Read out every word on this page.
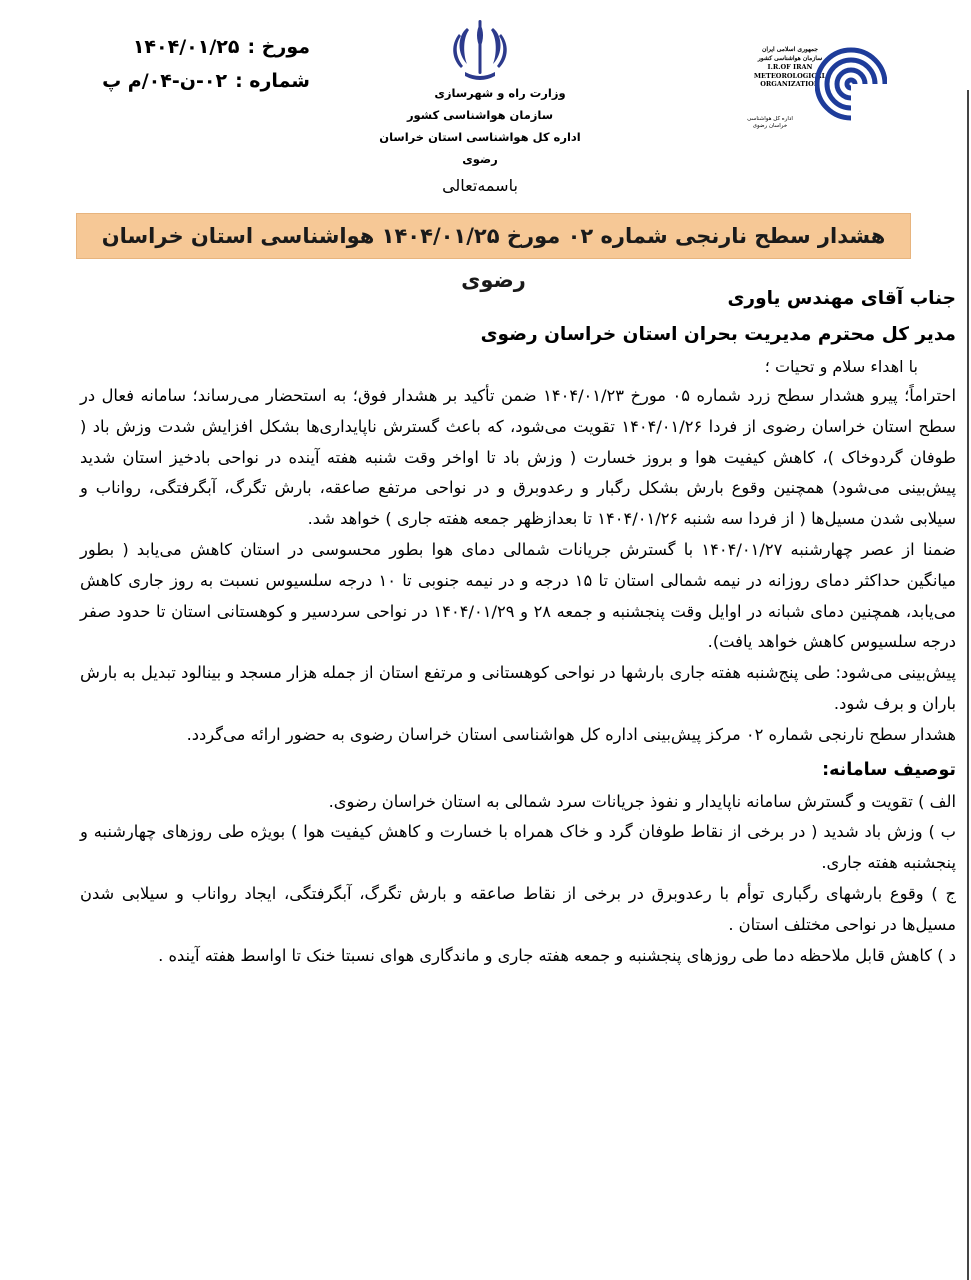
مورخ :۱۴۰۴/۰۱/۲۵
شماره :۰۲-ن-۰۴/م پ
وزارت راه و شهرسازی
سازمان هواشناسی کشور
اداره کل هواشناسی استان خراسان رضوی
جمهوری اسلامی ایران
سازمان هواشناسی کشور
I.R.OF IRAN
METEOROLOGICAL
ORGANIZATION
اداره کل هواشناسی خراسان رضوی
باسمه‌تعالی
هشدار سطح نارنجی شماره ۰۲ مورخ ۱۴۰۴/۰۱/۲۵ هواشناسی استان خراسان رضوی
جناب آقای مهندس یاوری
مدیر کل محترم مدیریت بحران استان خراسان رضوی
با اهداء سلام و تحیات ؛

احتراماً؛ پیرو هشدار سطح زرد شماره ۰۵ مورخ ۱۴۰۴/۰۱/۲۳ ضمن تأکید بر هشدار فوق؛ به استحضار می‌رساند؛ سامانه فعال در سطح استان خراسان رضوی از فردا ۱۴۰۴/۰۱/۲۶ تقویت می‌شود، که باعث گسترش ناپایداری‌ها بشکل افزایش شدت وزش باد ( طوفان گردوخاک )، کاهش کیفیت هوا و بروز خسارت ( وزش باد تا اواخر وقت شنبه هفته آینده در نواحی بادخیز استان شدید پیش‌بینی می‌شود) همچنین وقوع بارش بشکل رگبار و رعدوبرق و در نواحی مرتفع صاعقه، بارش تگرگ، آبگرفتگی، رواناب و سیلابی شدن مسیل‌ها ( از فردا سه شنبه ۱۴۰۴/۰۱/۲۶ تا بعدازظهر جمعه هفته جاری ) خواهد شد.

ضمنا از عصر چهارشنبه ۱۴۰۴/۰۱/۲۷ با گسترش جریانات شمالی دمای هوا بطور محسوسی در استان کاهش می‌یابد ( بطور میانگین حداکثر دمای روزانه در نیمه شمالی استان تا ۱۵ درجه و در نیمه جنوبی تا ۱۰ درجه سلسیوس نسبت به روز جاری کاهش می‌یابد، همچنین دمای شبانه در اوایل وقت پنجشنبه و جمعه ۲۸ و ۱۴۰۴/۰۱/۲۹ در نواحی سردسیر و کوهستانی استان تا حدود صفر درجه سلسیوس کاهش خواهد یافت).

پیش‌بینی می‌شود: طی پنج‌شنبه هفته جاری بارشها در نواحی کوهستانی و مرتفع استان از جمله هزار مسجد و بینالود تبدیل به بارش باران و برف شود.

هشدار سطح نارنجی شماره ۰۲ مرکز پیش‌بینی اداره کل هواشناسی استان خراسان رضوی به حضور ارائه می‌گردد.

توصیف سامانه:

الف ) تقویت و گسترش سامانه ناپایدار و نفوذ جریانات سرد شمالی به استان خراسان رضوی.

ب ) وزش باد شدید ( در برخی از نقاط طوفان گرد و خاک همراه با خسارت و کاهش کیفیت هوا ) بویژه طی روزهای چهارشنبه و پنجشنبه هفته جاری.

ج ) وقوع بارشهای رگباری توأم با رعدوبرق در برخی از نقاط صاعقه و بارش تگرگ، آبگرفتگی، ایجاد رواناب و سیلابی شدن مسیل‌ها در نواحی مختلف استان .

د ) کاهش قابل ملاحظه دما طی روزهای پنجشنبه و جمعه هفته جاری و ماندگاری هوای نسبتا خنک تا اواسط هفته آینده .
